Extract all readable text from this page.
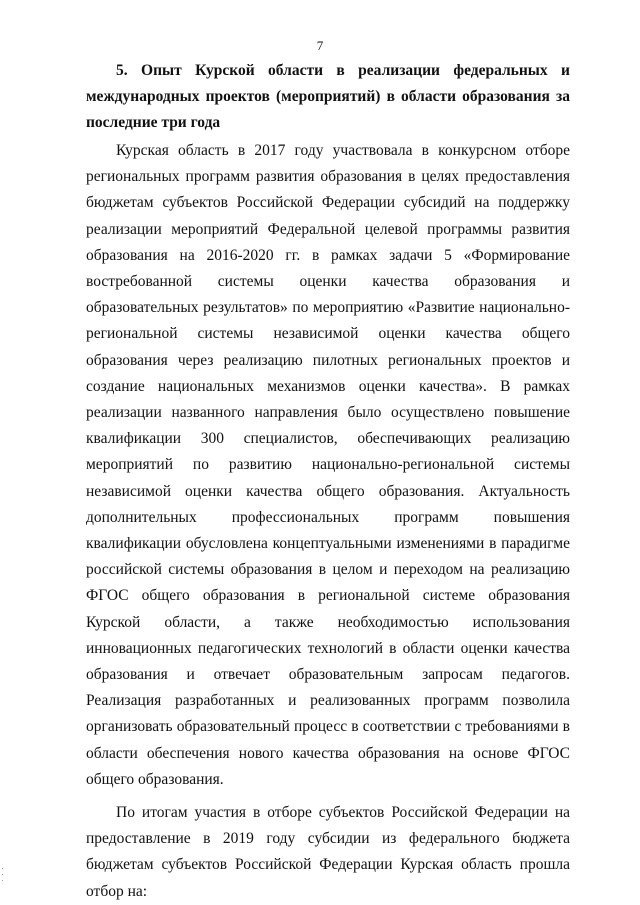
7

5. Опыт Курской области в реализации федеральных и международных проектов (мероприятий) в области образования за последние три года

Курская область в 2017 году участвовала в конкурсном отборе региональных программ развития образования в целях предоставления бюджетам субъектов Российской Федерации субсидий на поддержку реализации мероприятий Федеральной целевой программы развития образования на 2016-2020 гг. в рамках задачи 5 «Формирование востребованной системы оценки качества образования и образовательных результатов» по мероприятию «Развитие национально-региональной системы независимой оценки качества общего образования через реализацию пилотных региональных проектов и создание национальных механизмов оценки качества». В рамках реализации названного направления было осуществлено повышение квалификации 300 специалистов, обеспечивающих реализацию мероприятий по развитию национально-региональной системы независимой оценки качества общего образования. Актуальность дополнительных профессиональных программ повышения квалификации обусловлена концептуальными изменениями в парадигме российской системы образования в целом и переходом на реализацию ФГОС общего образования в региональной системе образования Курской области, а также необходимостью использования инновационных педагогических технологий в области оценки качества образования и отвечает образовательным запросам педагогов. Реализация разработанных и реализованных программ позволила организовать образовательный процесс в соответствии с требованиями в области обеспечения нового качества образования на основе ФГОС общего образования.

По итогам участия в отборе субъектов Российской Федерации на предоставление в 2019 году субсидии из федерального бюджета бюджетам субъектов Российской Федерации Курская область прошла отбор на:
